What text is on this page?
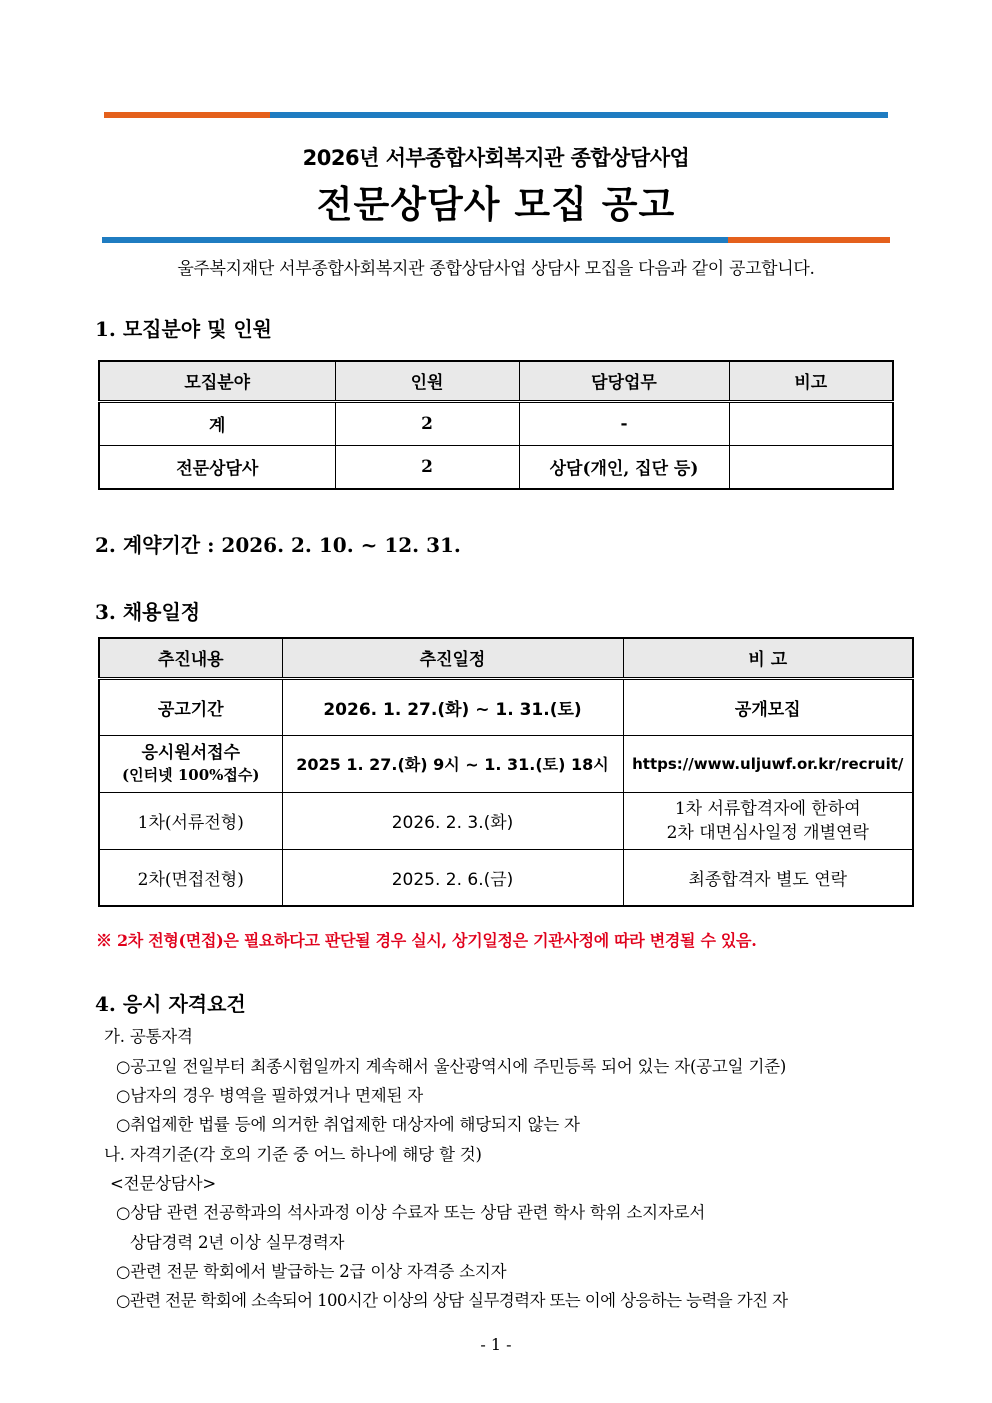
2026년 서부종합사회복지관 종합상담사업
전문상담사 모집 공고
울주복지재단 서부종합사회복지관 종합상담사업 상담사 모집을 다음과 같이 공고합니다.
1. 모집분야 및 인원
모집분야	인원	담당업무	비고
계	2	-	
전문상담사	2	상담(개인, 집단 등)	
2. 계약기간 : 2026. 2. 10. ~ 12. 31.
3. 채용일정
추진내용	추진일정	비 고
공고기간	2026. 1. 27.(화) ~ 1. 31.(토)	공개모집

응시원서접수
(인터넷 100%접수)	2025 1. 27.(화) 9시 ~ 1. 31.(토) 18시	https://www.uljuwf.or.kr/recruit/
1차(서류전형)	2026. 2. 3.(화)	1차 서류합격자에 한하여
2차 대면심사일정 개별연락

2차(면접전형)	2025. 2. 6.(금)	최종합격자 별도 연락
※ 2차 전형(면접)은 필요하다고 판단될 경우 실시, 상기일정은 기관사정에 따라 변경될 수 있음.
4. 응시 자격요건
가. 공통자격
○공고일 전일부터 최종시험일까지 계속해서 울산광역시에 주민등록 되어 있는 자(공고일 기준)
○남자의 경우 병역을 필하였거나 면제된 자
○취업제한 법률 등에 의거한 취업제한 대상자에 해당되지 않는 자
나. 자격기준(각 호의 기준 중 어느 하나에 해당 할 것)
<전문상담사>
○상담 관련 전공학과의 석사과정 이상 수료자 또는 상담 관련 학사 학위 소지자로서
상담경력 2년 이상 실무경력자
○관련 전문 학회에서 발급하는 2급 이상 자격증 소지자
○관련 전문 학회에 소속되어 100시간 이상의 상담 실무경력자 또는 이에 상응하는 능력을 가진 자
- 1 -
